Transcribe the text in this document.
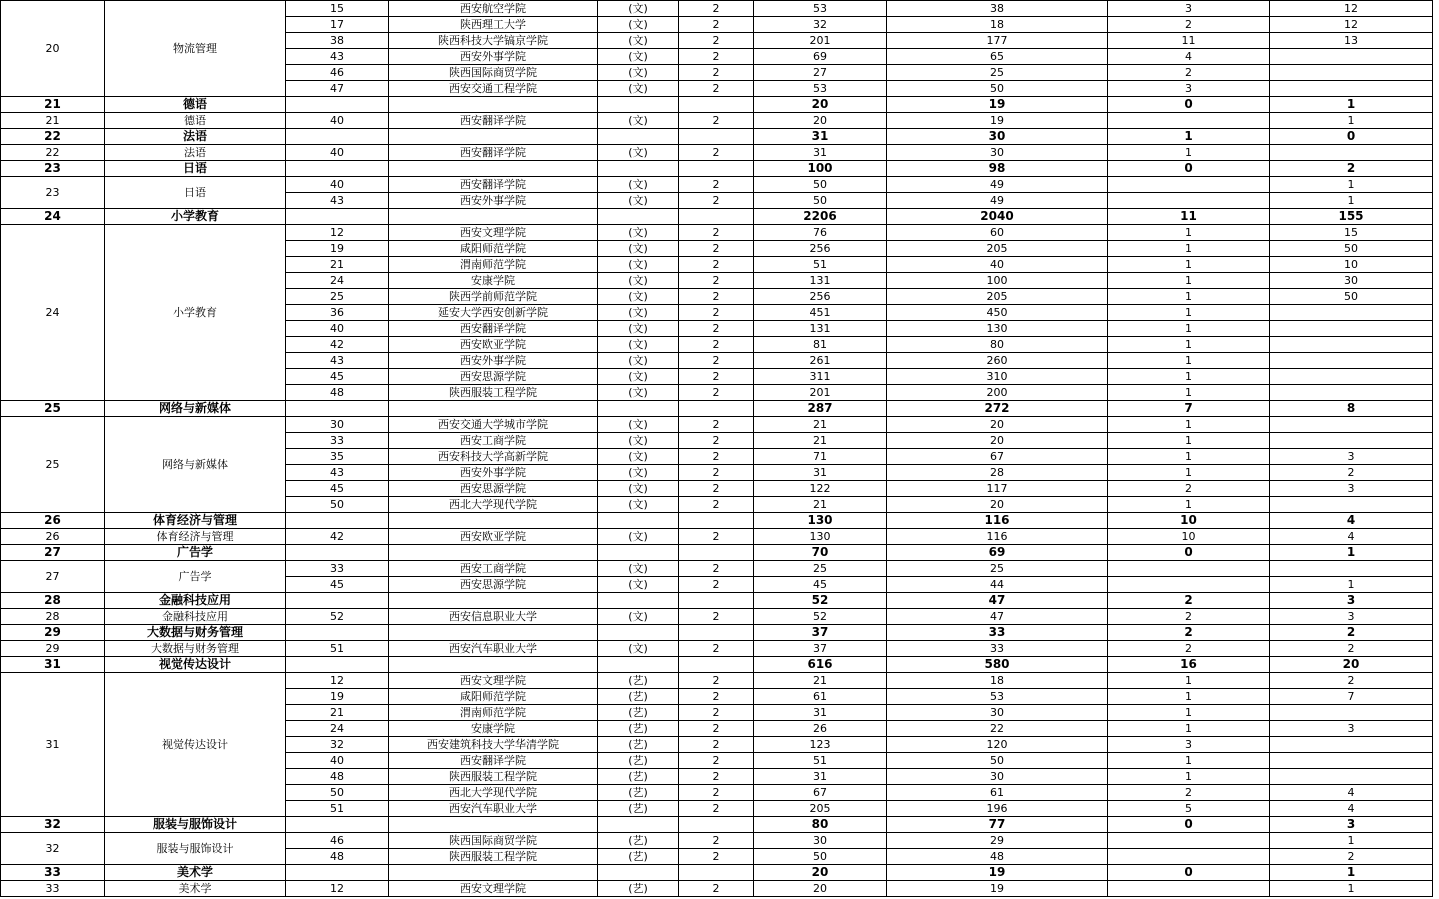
20	物流管理	15	西安航空学院	(文)	2	53	38	3	12
		17	陕西理工大学	(文)	2	32	18	2	12
		38	陕西科技大学镐京学院	(文)	2	201	177	11	13
		43	西安外事学院	(文)	2	69	65	4	
		46	陕西国际商贸学院	(文)	2	27	25	2	
		47	西安交通工程学院	(文)	2	53	50	3	
21	德语					20	19	0	1
21	德语	40	西安翻译学院	(文)	2	20	19		1
22	法语					31	30	1	0
22	法语	40	西安翻译学院	(文)	2	31	30	1	
23	日语					100	98	0	2
23	日语	40	西安翻译学院	(文)	2	50	49		1
		43	西安外事学院	(文)	2	50	49		1
24	小学教育					2206	2040	11	155
24	小学教育	12	西安文理学院	(文)	2	76	60	1	15
		19	咸阳师范学院	(文)	2	256	205	1	50
		21	渭南师范学院	(文)	2	51	40	1	10
		24	安康学院	(文)	2	131	100	1	30
		25	陕西学前师范学院	(文)	2	256	205	1	50
		36	延安大学西安创新学院	(文)	2	451	450	1	
		40	西安翻译学院	(文)	2	131	130	1	
		42	西安欧亚学院	(文)	2	81	80	1	
		43	西安外事学院	(文)	2	261	260	1	
		45	西安思源学院	(文)	2	311	310	1	
		48	陕西服装工程学院	(文)	2	201	200	1	
25	网络与新媒体					287	272	7	8
25	网络与新媒体	30	西安交通大学城市学院	(文)	2	21	20	1	
		33	西安工商学院	(文)	2	21	20	1	
		35	西安科技大学高新学院	(文)	2	71	67	1	3
		43	西安外事学院	(文)	2	31	28	1	2
		45	西安思源学院	(文)	2	122	117	2	3
		50	西北大学现代学院	(文)	2	21	20	1	
26	体育经济与管理					130	116	10	4
26	体育经济与管理	42	西安欧亚学院	(文)	2	130	116	10	4
27	广告学					70	69	0	1
27	广告学	33	西安工商学院	(文)	2	25	25		
		45	西安思源学院	(文)	2	45	44		1
28	金融科技应用					52	47	2	3
28	金融科技应用	52	西安信息职业大学	(文)	2	52	47	2	3
29	大数据与财务管理					37	33	2	2
29	大数据与财务管理	51	西安汽车职业大学	(文)	2	37	33	2	2
31	视觉传达设计					616	580	16	20
31	视觉传达设计	12	西安文理学院	(艺)	2	21	18	1	2
		19	咸阳师范学院	(艺)	2	61	53	1	7
		21	渭南师范学院	(艺)	2	31	30	1	
		24	安康学院	(艺)	2	26	22	1	3
		32	西安建筑科技大学华清学院	(艺)	2	123	120	3	
		40	西安翻译学院	(艺)	2	51	50	1	
		48	陕西服装工程学院	(艺)	2	31	30	1	
		50	西北大学现代学院	(艺)	2	67	61	2	4
		51	西安汽车职业大学	(艺)	2	205	196	5	4
32	服装与服饰设计					80	77	0	3
32	服装与服饰设计	46	陕西国际商贸学院	(艺)	2	30	29		1
		48	陕西服装工程学院	(艺)	2	50	48		2
33	美术学					20	19	0	1
33	美术学	12	西安文理学院	(艺)	2	20	19		1
